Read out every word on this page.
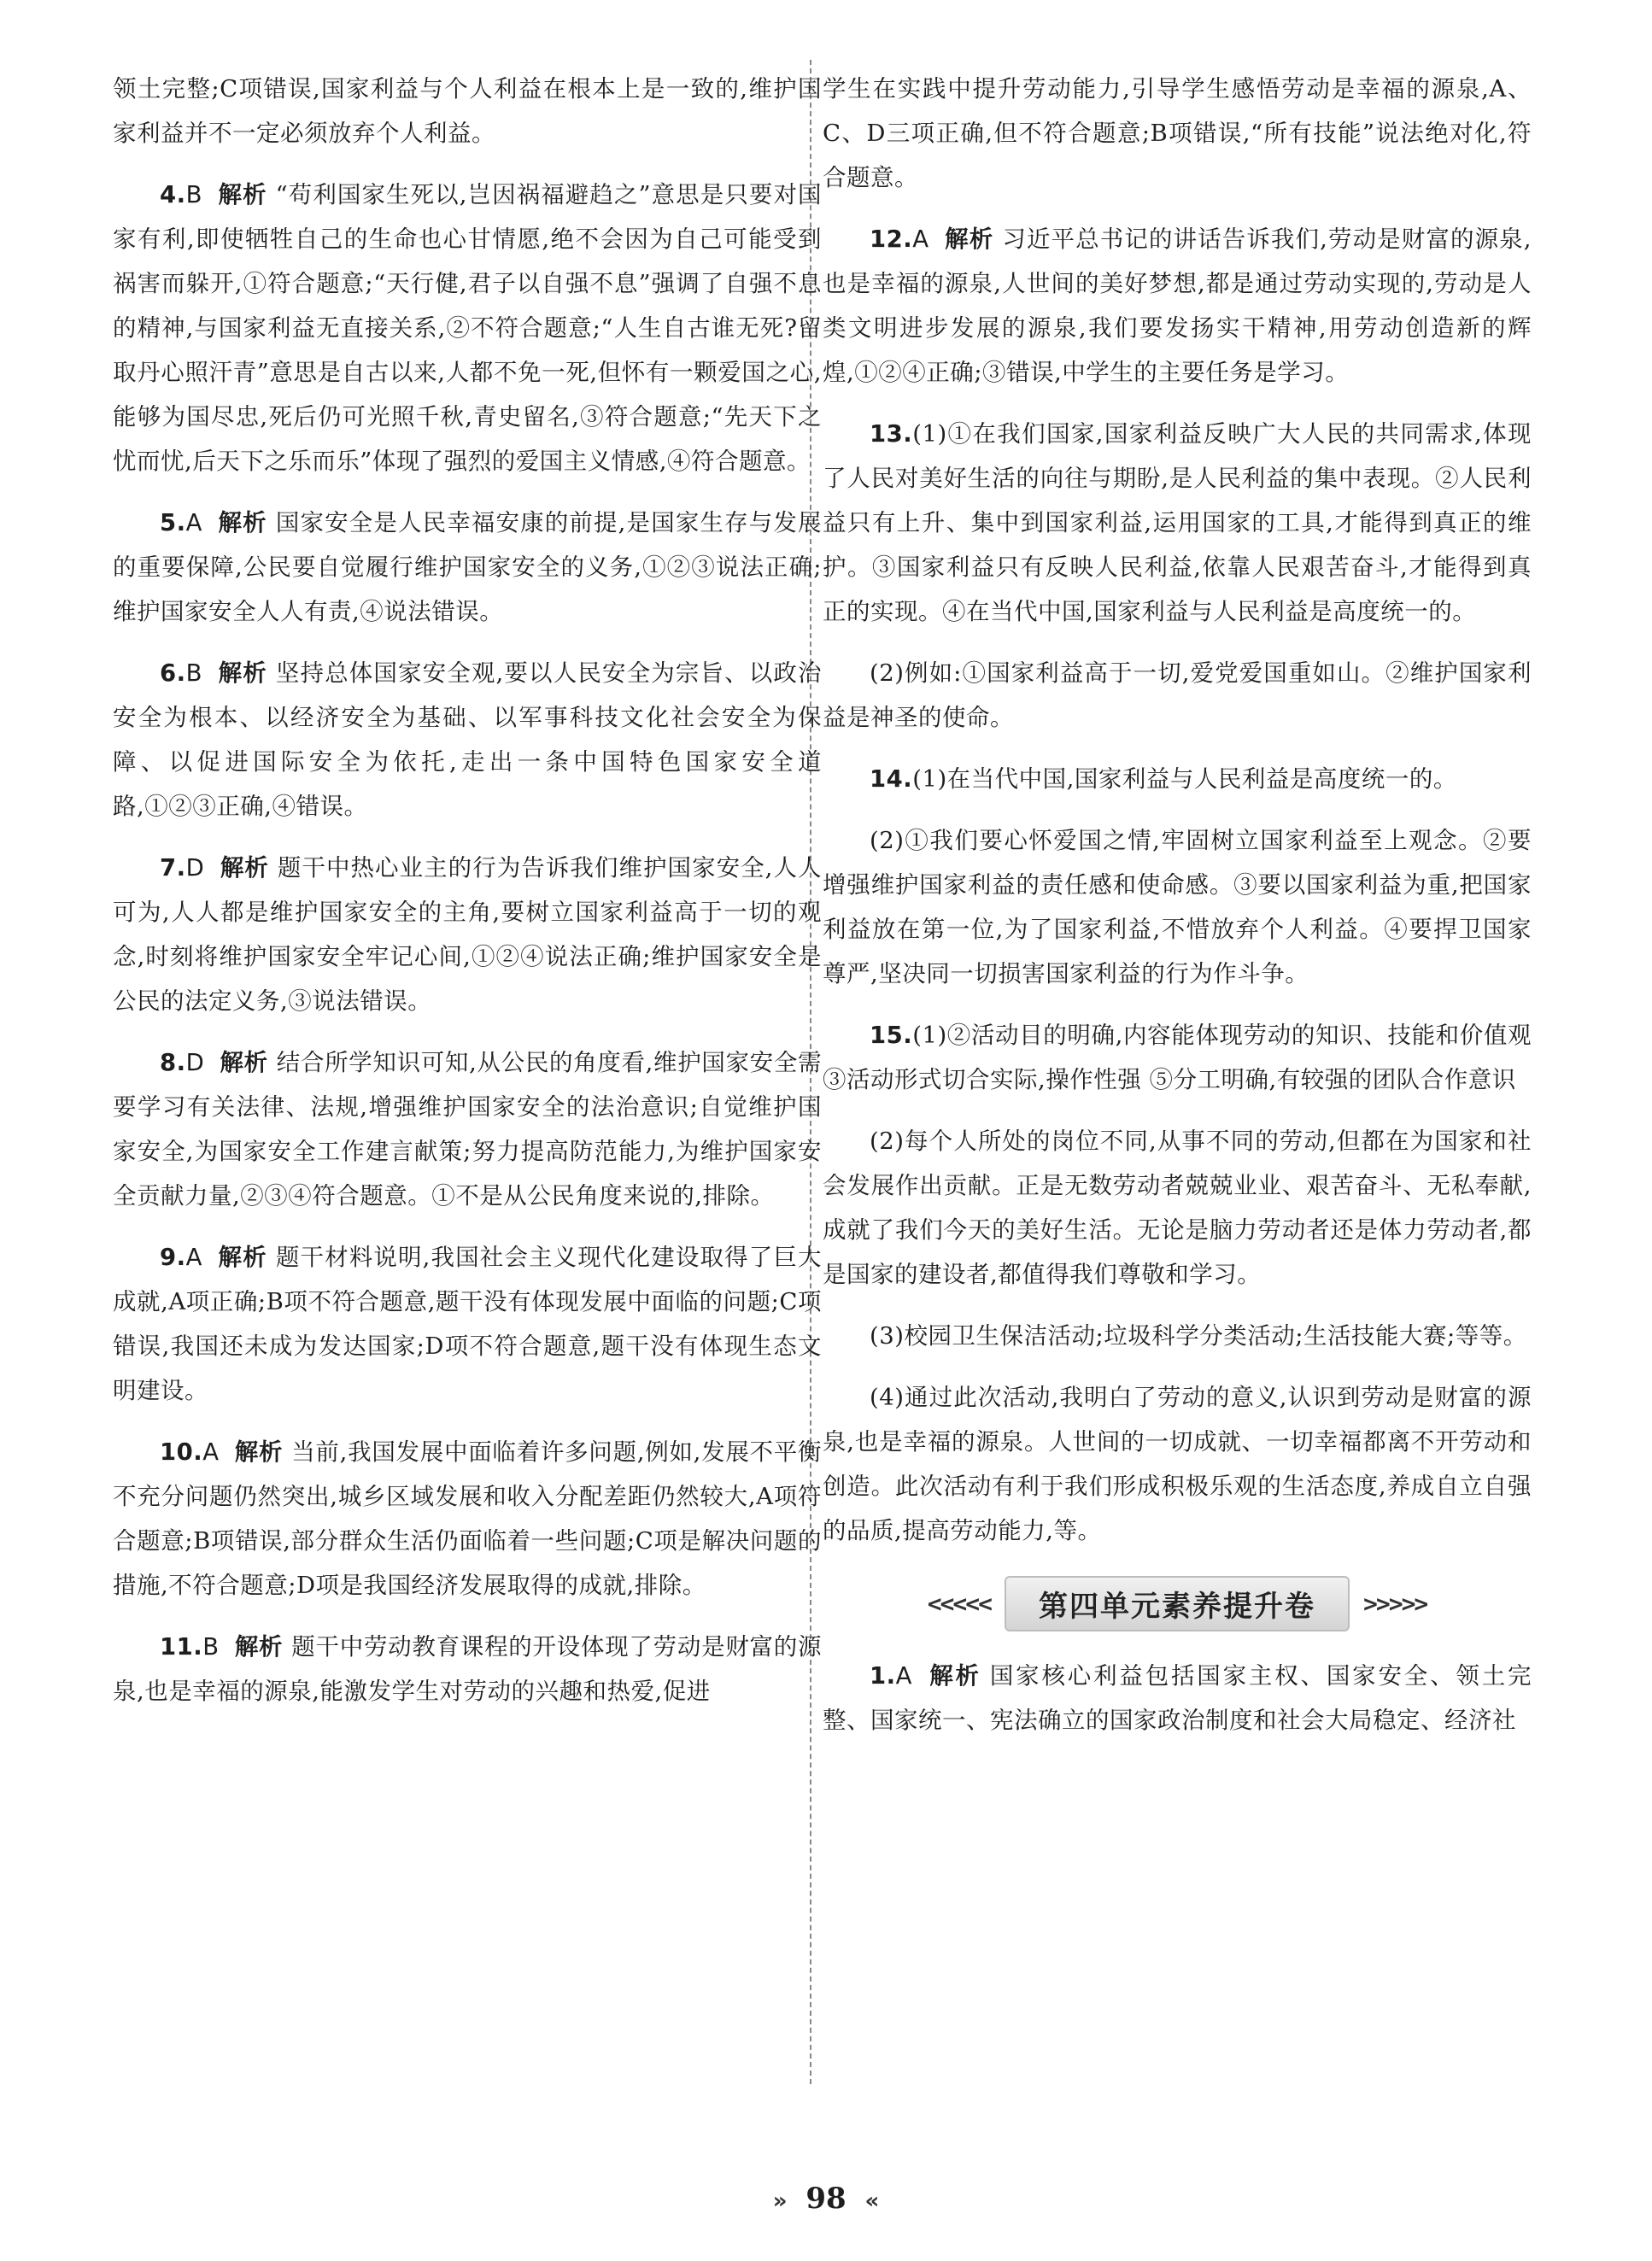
领土完整;C项错误,国家利益与个人利益在根本上是一致的,维护国家利益并不一定必须放弃个人利益。

4.B 解析 “苟利国家生死以,岂因祸福避趋之”意思是只要对国家有利,即使牺牲自己的生命也心甘情愿,绝不会因为自己可能受到祸害而躲开,①符合题意;“天行健,君子以自强不息”强调了自强不息的精神,与国家利益无直接关系,②不符合题意;“人生自古谁无死?留取丹心照汗青”意思是自古以来,人都不免一死,但怀有一颗爱国之心,能够为国尽忠,死后仍可光照千秋,青史留名,③符合题意;“先天下之忧而忧,后天下之乐而乐”体现了强烈的爱国主义情感,④符合题意。

5.A 解析 国家安全是人民幸福安康的前提,是国家生存与发展的重要保障,公民要自觉履行维护国家安全的义务,①②③说法正确;维护国家安全人人有责,④说法错误。

6.B 解析 坚持总体国家安全观,要以人民安全为宗旨、以政治安全为根本、以经济安全为基础、以军事科技文化社会安全为保障、以促进国际安全为依托,走出一条中国特色国家安全道路,①②③正确,④错误。

7.D 解析 题干中热心业主的行为告诉我们维护国家安全,人人可为,人人都是维护国家安全的主角,要树立国家利益高于一切的观念,时刻将维护国家安全牢记心间,①②④说法正确;维护国家安全是公民的法定义务,③说法错误。

8.D 解析 结合所学知识可知,从公民的角度看,维护国家安全需要学习有关法律、法规,增强维护国家安全的法治意识;自觉维护国家安全,为国家安全工作建言献策;努力提高防范能力,为维护国家安全贡献力量,②③④符合题意。①不是从公民角度来说的,排除。

9.A 解析 题干材料说明,我国社会主义现代化建设取得了巨大成就,A项正确;B项不符合题意,题干没有体现发展中面临的问题;C项错误,我国还未成为发达国家;D项不符合题意,题干没有体现生态文明建设。

10.A 解析 当前,我国发展中面临着许多问题,例如,发展不平衡不充分问题仍然突出,城乡区域发展和收入分配差距仍然较大,A项符合题意;B项错误,部分群众生活仍面临着一些问题;C项是解决问题的措施,不符合题意;D项是我国经济发展取得的成就,排除。

11.B 解析 题干中劳动教育课程的开设体现了劳动是财富的源泉,也是幸福的源泉,能激发学生对劳动的兴趣和热爱,促进

学生在实践中提升劳动能力,引导学生感悟劳动是幸福的源泉,A、C、D三项正确,但不符合题意;B项错误,“所有技能”说法绝对化,符合题意。

12.A 解析 习近平总书记的讲话告诉我们,劳动是财富的源泉,也是幸福的源泉,人世间的美好梦想,都是通过劳动实现的,劳动是人类文明进步发展的源泉,我们要发扬实干精神,用劳动创造新的辉煌,①②④正确;③错误,中学生的主要任务是学习。

13.(1)①在我们国家,国家利益反映广大人民的共同需求,体现了人民对美好生活的向往与期盼,是人民利益的集中表现。②人民利益只有上升、集中到国家利益,运用国家的工具,才能得到真正的维护。③国家利益只有反映人民利益,依靠人民艰苦奋斗,才能得到真正的实现。④在当代中国,国家利益与人民利益是高度统一的。

(2)例如:①国家利益高于一切,爱党爱国重如山。②维护国家利益是神圣的使命。

14.(1)在当代中国,国家利益与人民利益是高度统一的。

(2)①我们要心怀爱国之情,牢固树立国家利益至上观念。②要增强维护国家利益的责任感和使命感。③要以国家利益为重,把国家利益放在第一位,为了国家利益,不惜放弃个人利益。④要捍卫国家尊严,坚决同一切损害国家利益的行为作斗争。

15.(1)②活动目的明确,内容能体现劳动的知识、技能和价值观 ③活动形式切合实际,操作性强 ⑤分工明确,有较强的团队合作意识

(2)每个人所处的岗位不同,从事不同的劳动,但都在为国家和社会发展作出贡献。正是无数劳动者兢兢业业、艰苦奋斗、无私奉献,成就了我们今天的美好生活。无论是脑力劳动者还是体力劳动者,都是国家的建设者,都值得我们尊敬和学习。

(3)校园卫生保洁活动;垃圾科学分类活动;生活技能大赛;等等。

(4)通过此次活动,我明白了劳动的意义,认识到劳动是财富的源泉,也是幸福的源泉。人世间的一切成就、一切幸福都离不开劳动和创造。此次活动有利于我们形成积极乐观的生活态度,养成自立自强的品质,提高劳动能力,等。

<<<<<	第四单元素养提升卷	>>>>>

1.A 解析 国家核心利益包括国家主权、国家安全、领土完整、国家统一、宪法确立的国家政治制度和社会大局稳定、经济社

» 98 «
